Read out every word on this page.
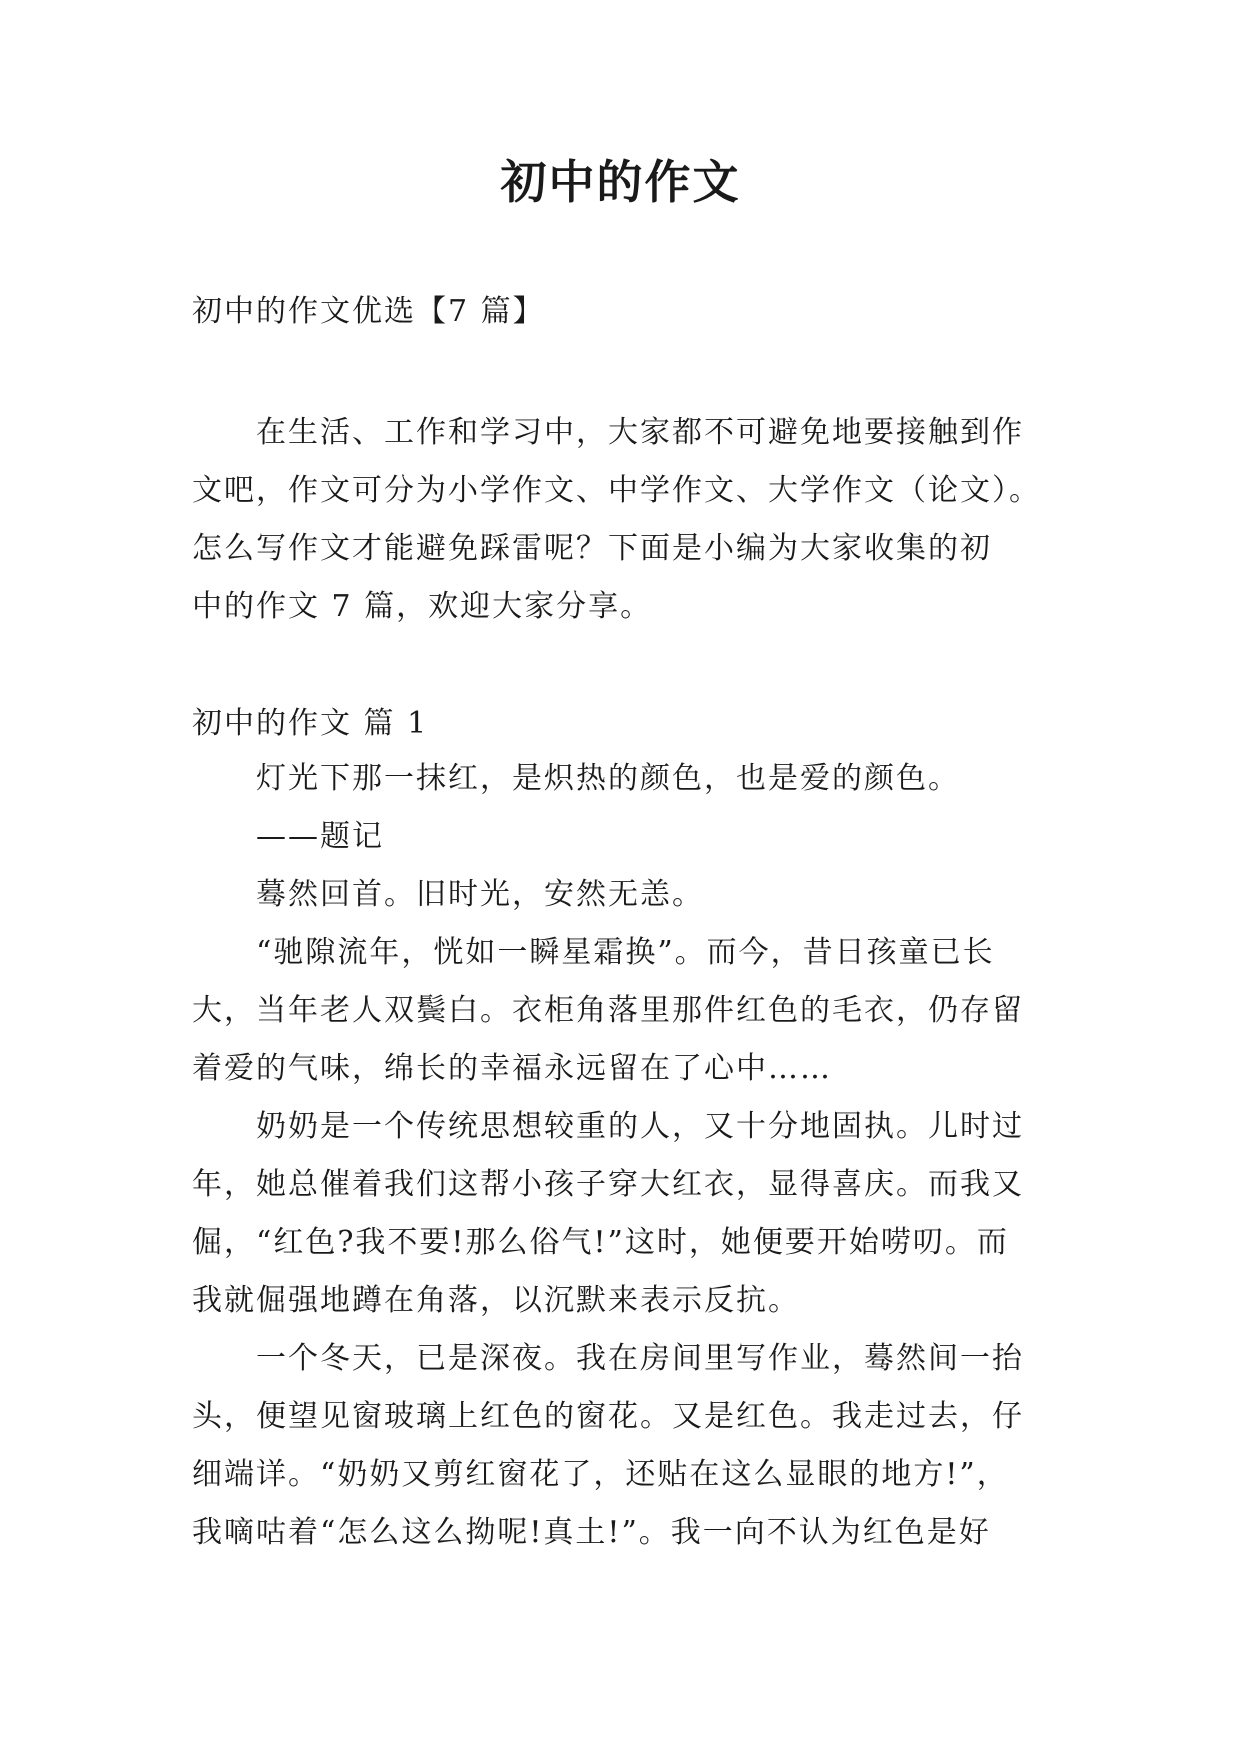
初中的作文
初中的作文优选【7 篇】
在生活、工作和学习中，大家都不可避免地要接触到作
文吧，作文可分为小学作文、中学作文、大学作文（论文）。
怎么写作文才能避免踩雷呢？下面是小编为大家收集的初
中的作文 7 篇，欢迎大家分享。
初中的作文 篇 1
灯光下那一抹红，是炽热的颜色，也是爱的颜色。
——题记
蓦然回首。旧时光，安然无恙。
“驰隙流年，恍如一瞬星霜换”。而今，昔日孩童已长
大，当年老人双鬓白。衣柜角落里那件红色的毛衣，仍存留
着爱的气味，绵长的幸福永远留在了心中……
奶奶是一个传统思想较重的人，又十分地固执。儿时过
年，她总催着我们这帮小孩子穿大红衣，显得喜庆。而我又
倔，“红色?我不要!那么俗气!”这时，她便要开始唠叨。而
我就倔强地蹲在角落，以沉默来表示反抗。
一个冬天，已是深夜。我在房间里写作业，蓦然间一抬
头，便望见窗玻璃上红色的窗花。又是红色。我走过去，仔
细端详。“奶奶又剪红窗花了，还贴在这么显眼的地方!”，
我嘀咕着“怎么这么拗呢!真土!”。我一向不认为红色是好
